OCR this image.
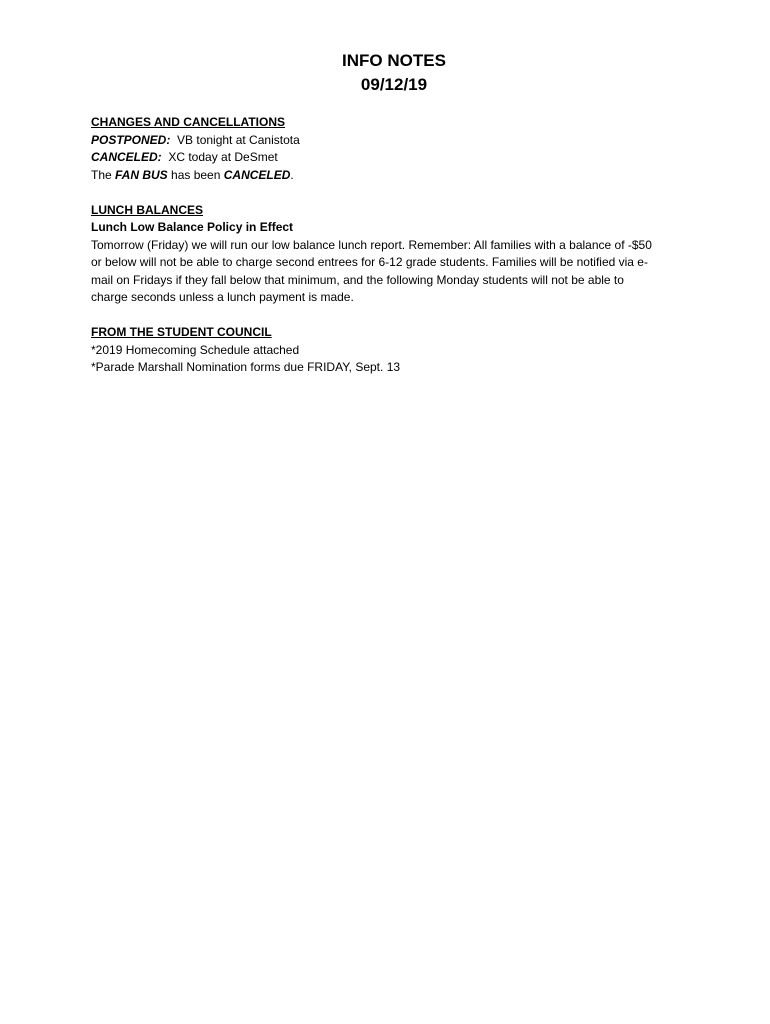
INFO NOTES
09/12/19
CHANGES AND CANCELLATIONS
POSTPONED:  VB tonight at Canistota
CANCELED:  XC today at DeSmet
The FAN BUS has been CANCELED.
LUNCH BALANCES
Lunch Low Balance Policy in Effect
Tomorrow (Friday) we will run our low balance lunch report. Remember: All families with a balance of -$50
or below will not be able to charge second entrees for 6-12 grade students. Families will be notified via e-
mail on Fridays if they fall below that minimum, and the following Monday students will not be able to
charge seconds unless a lunch payment is made.
FROM THE STUDENT COUNCIL
*2019 Homecoming Schedule attached
*Parade Marshall Nomination forms due FRIDAY, Sept. 13
